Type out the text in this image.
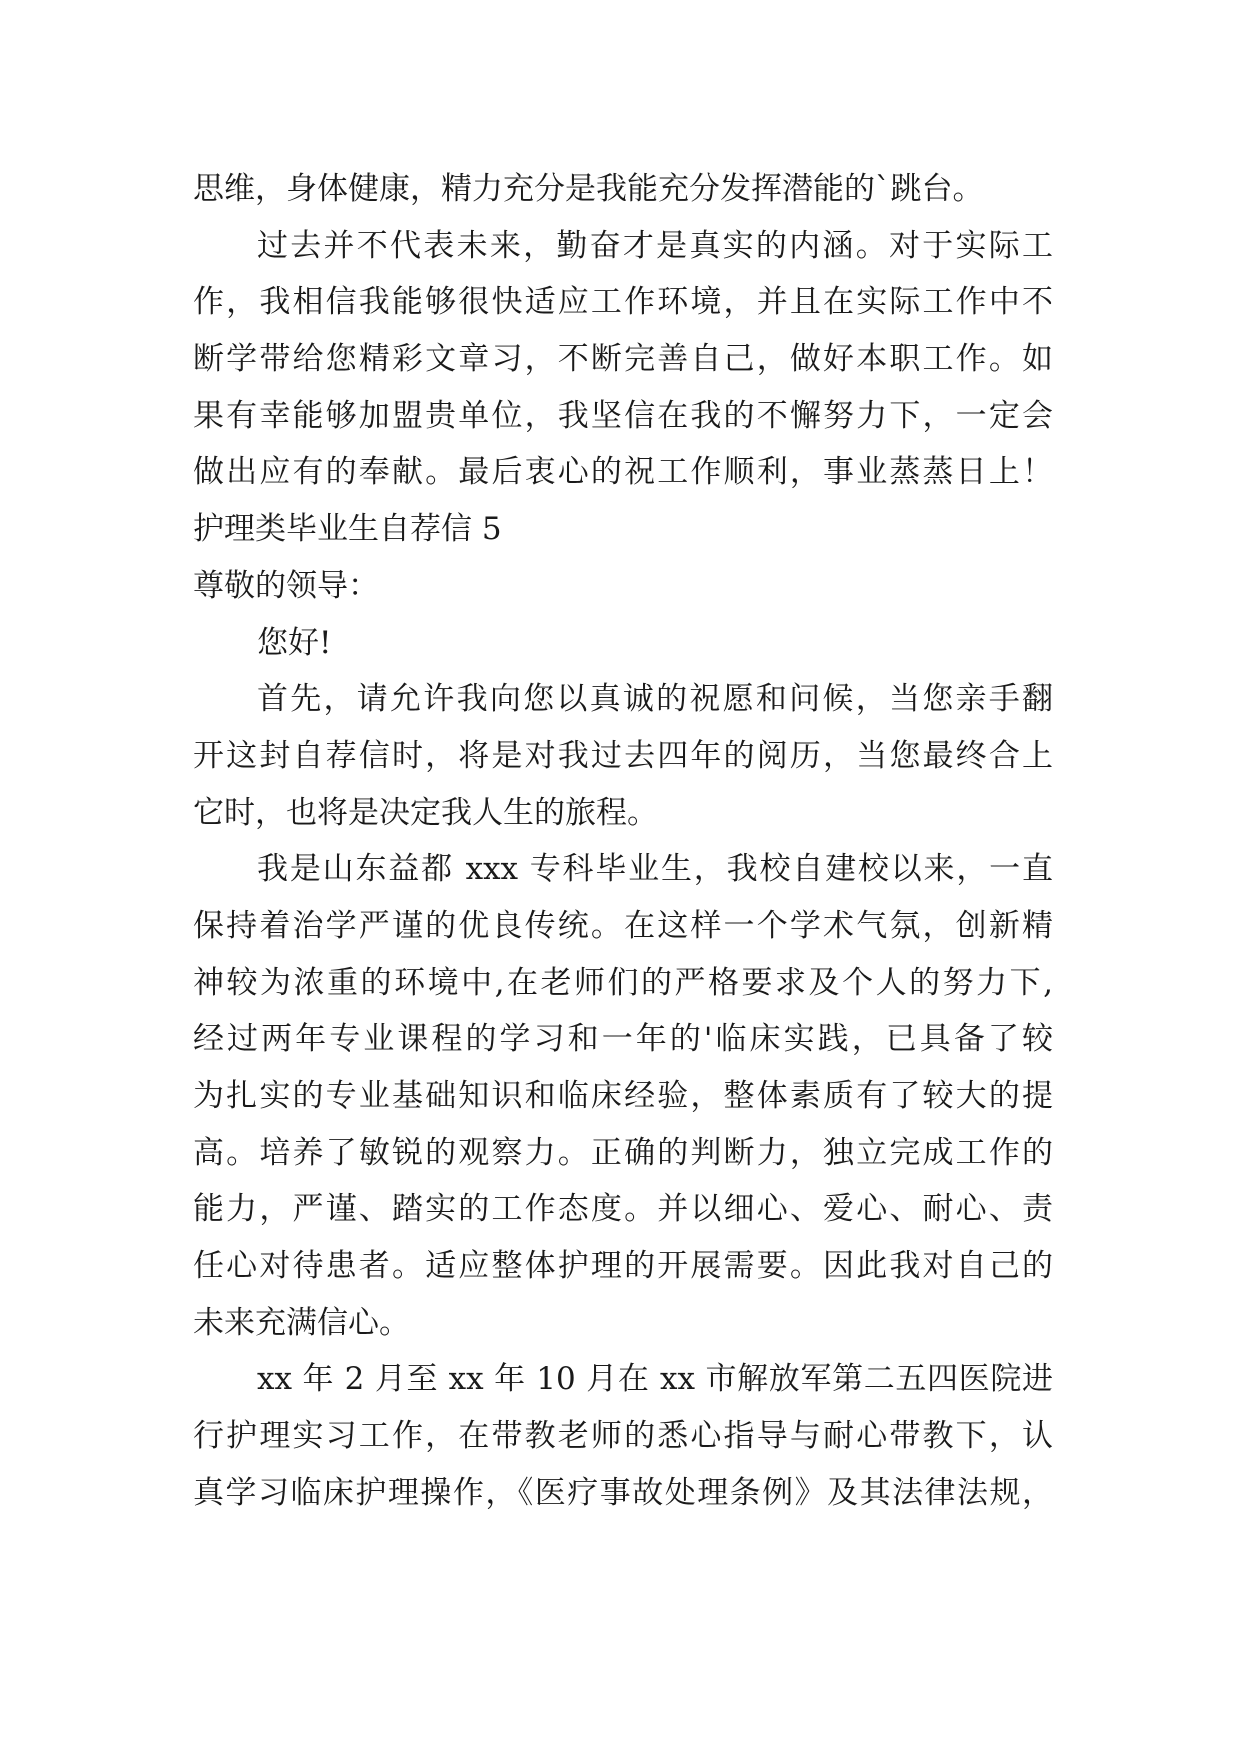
思维，身体健康，精力充分是我能充分发挥潜能的`跳台。
过去并不代表未来，勤奋才是真实的内涵。对于实际工
作，我相信我能够很快适应工作环境，并且在实际工作中不
断学带给您精彩文章习，不断完善自己，做好本职工作。如
果有幸能够加盟贵单位，我坚信在我的不懈努力下，一定会
做出应有的奉献。最后衷心的祝工作顺利，事业蒸蒸日上！
护理类毕业生自荐信 5
尊敬的领导：
您好!
首先，请允许我向您以真诚的祝愿和问候，当您亲手翻
开这封自荐信时，将是对我过去四年的阅历，当您最终合上
它时，也将是决定我人生的旅程。
我是山东益都 xxx 专科毕业生，我校自建校以来，一直
保持着治学严谨的优良传统。在这样一个学术气氛，创新精
神较为浓重的环境中,在老师们的严格要求及个人的努力下,
经过两年专业课程的学习和一年的'临床实践，已具备了较
为扎实的专业基础知识和临床经验，整体素质有了较大的提
高。培养了敏锐的观察力。正确的判断力，独立完成工作的
能力，严谨、踏实的工作态度。并以细心、爱心、耐心、责
任心对待患者。适应整体护理的开展需要。因此我对自己的
未来充满信心。
xx 年 2 月至 xx 年 10 月在 xx 市解放军第二五四医院进
行护理实习工作，在带教老师的悉心指导与耐心带教下，认
真学习临床护理操作，《医疗事故处理条例》及其法律法规，
